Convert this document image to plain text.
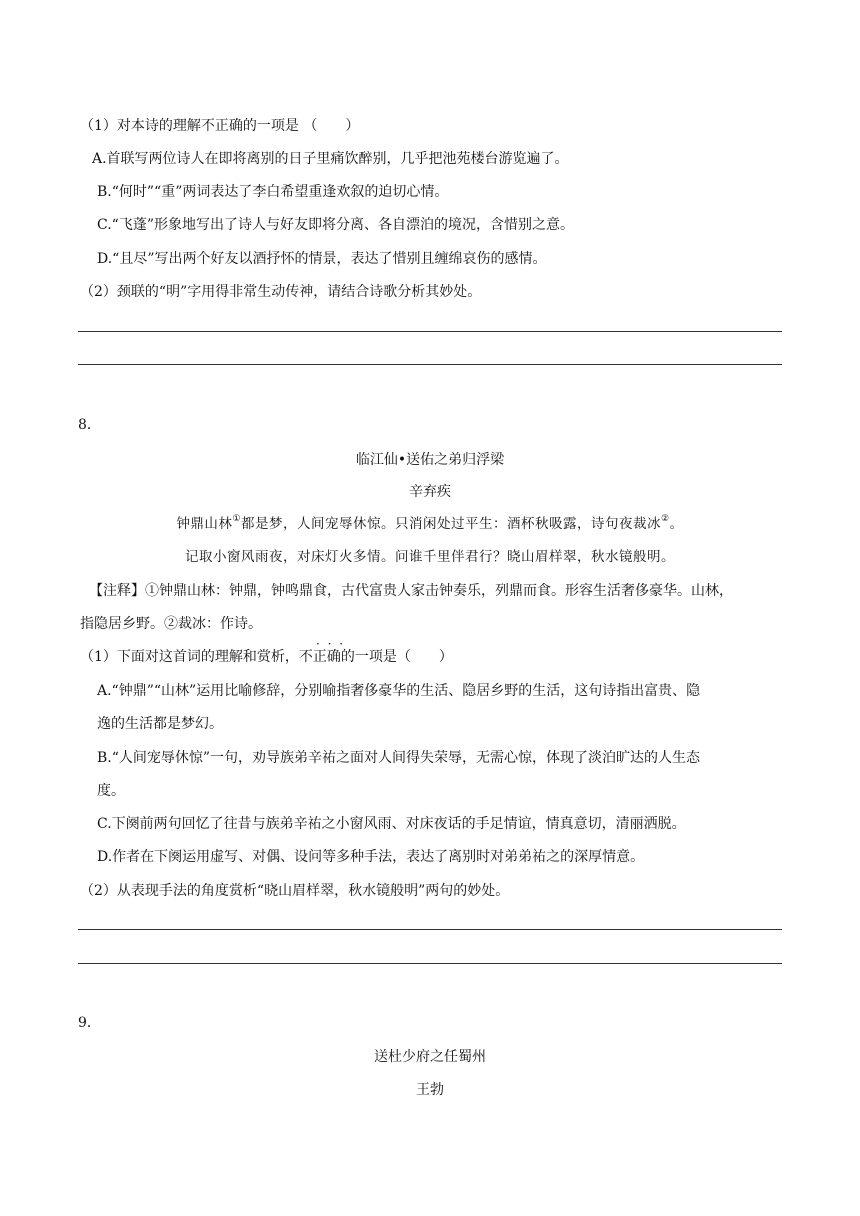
（1）对本诗的理解不正确的一项是 （　　）
A.首联写两位诗人在即将离别的日子里痛饮醉别，几乎把池苑楼台游览遍了。
B.“何时”“重”两词表达了李白希望重逢欢叙的迫切心情。
C.“飞蓬”形象地写出了诗人与好友即将分离、各自漂泊的境况，含惜别之意。
D.“且尽”写出两个好友以酒抒怀的情景，表达了惜别且缠绵哀伤的感情。
（2）颈联的“明”字用得非常生动传神，请结合诗歌分析其妙处。
8．
临江仙•送佑之弟归浮梁
辛弃疾
钟鼎山林①都是梦，人间宠辱休惊。只消闲处过平生：酒杯秋吸露，诗句夜裁冰②。
记取小窗风雨夜，对床灯火多情。问谁千里伴君行？晓山眉样翠，秋水镜般明。
【注释】①钟鼎山林：钟鼎，钟鸣鼎食，古代富贵人家击钟奏乐，列鼎而食。形容生活奢侈豪华。山林，
指隐居乡野。②裁冰：作诗。
· · ·
（1）下面对这首词的理解和赏析，不正确的一项是（　　）
A.“钟鼎”“山林”运用比喻修辞，分别喻指奢侈豪华的生活、隐居乡野的生活，这句诗指出富贵、隐
逸的生活都是梦幻。
B.“人间宠辱休惊”一句，劝导族弟辛祐之面对人间得失荣辱，无需心惊，体现了淡泊旷达的人生态
度。
C.下阕前两句回忆了往昔与族弟辛祐之小窗风雨、对床夜话的手足情谊，情真意切，清丽洒脱。
D.作者在下阕运用虚写、对偶、设问等多种手法，表达了离别时对弟弟祐之的深厚情意。
（2）从表现手法的角度赏析“晓山眉样翠，秋水镜般明”两句的妙处。
9．
送杜少府之任蜀州
王勃
